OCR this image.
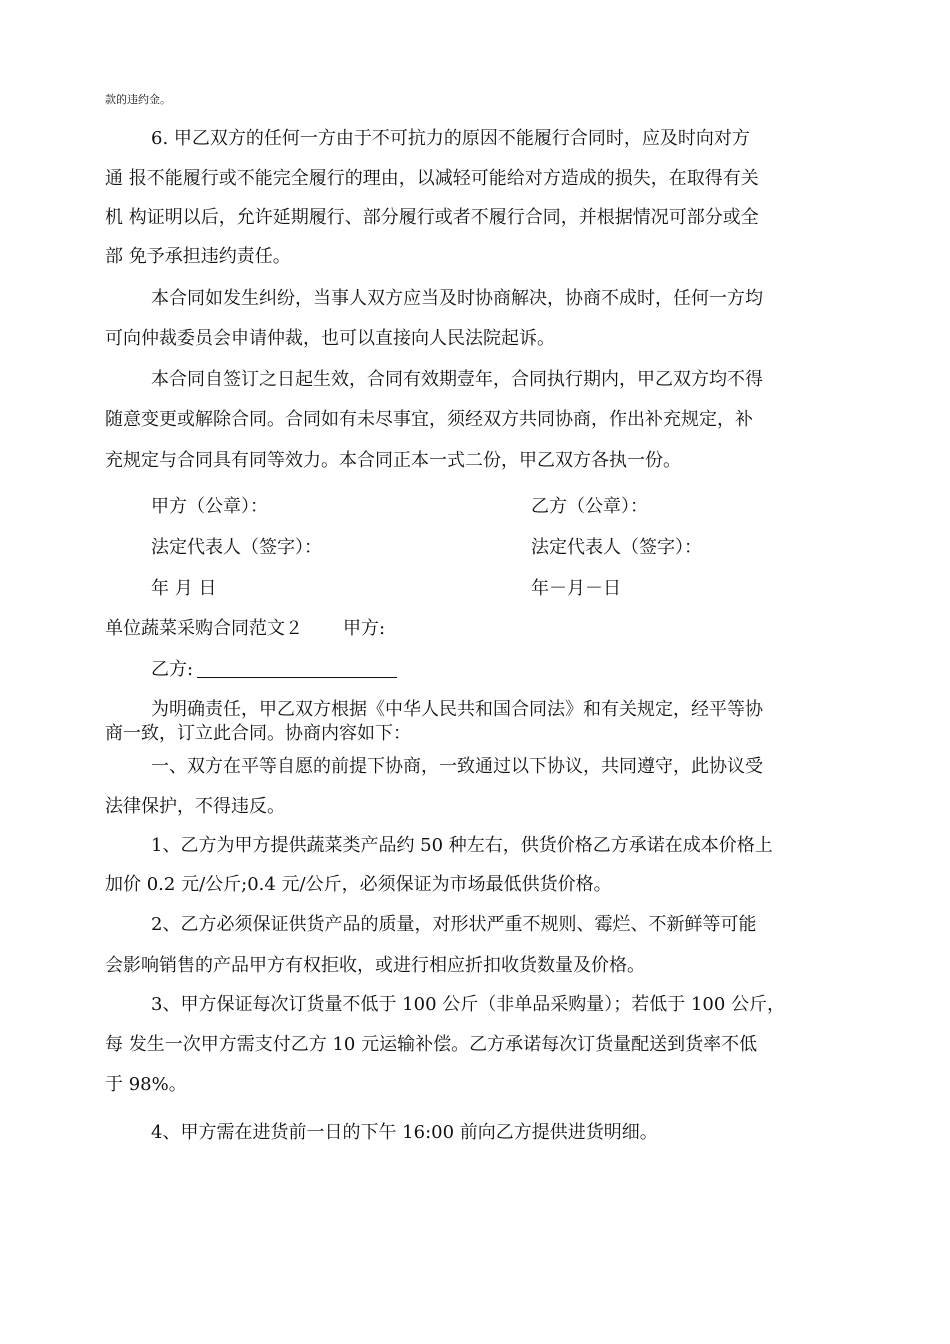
款的违约金。
6. 甲乙双方的任何一方由于不可抗力的原因不能履行合同时，应及时向对方
通 报不能履行或不能完全履行的理由，以减轻可能给对方造成的损失，在取得有关
机 构证明以后，允许延期履行、部分履行或者不履行合同，并根据情况可部分或全
部 免予承担违约责任。
本合同如发生纠纷，当事人双方应当及时协商解决，协商不成时，任何一方均
可向仲裁委员会申请仲裁，也可以直接向人民法院起诉。
本合同自签订之日起生效，合同有效期壹年，合同执行期内，甲乙双方均不得
随意变更或解除合同。合同如有未尽事宜，须经双方共同协商，作出补充规定，补
充规定与合同具有同等效力。本合同正本一式二份，甲乙双方各执一份。
甲方（公章）：	乙方（公章）：
法定代表人（签字）：	法定代表人（签字）：
年 月 日	年－月－日
单位蔬菜采购合同范文２ 甲方:
乙方:
为明确责任，甲乙双方根据《中华人民共和国合同法》和有关规定，经平等协
商一致，订立此合同。协商内容如下：
一、双方在平等自愿的前提下协商，一致通过以下协议，共同遵守，此协议受
法律保护，不得违反。
1、乙方为甲方提供蔬菜类产品约 50 种左右，供货价格乙方承诺在成本价格上
加价 0.2 元/公斤;0.4 元/公斤，必须保证为市场最低供货价格。
2、乙方必须保证供货产品的质量，对形状严重不规则、霉烂、不新鲜等可能
会影响销售的产品甲方有权拒收，或进行相应折扣收货数量及价格。
3、甲方保证每次订货量不低于 100 公斤（非单品采购量）；若低于 100 公斤，
每 发生一次甲方需支付乙方 10 元运输补偿。乙方承诺每次订货量配送到货率不低
于 98%。
4、甲方需在进货前一日的下午 16:00 前向乙方提供进货明细。
